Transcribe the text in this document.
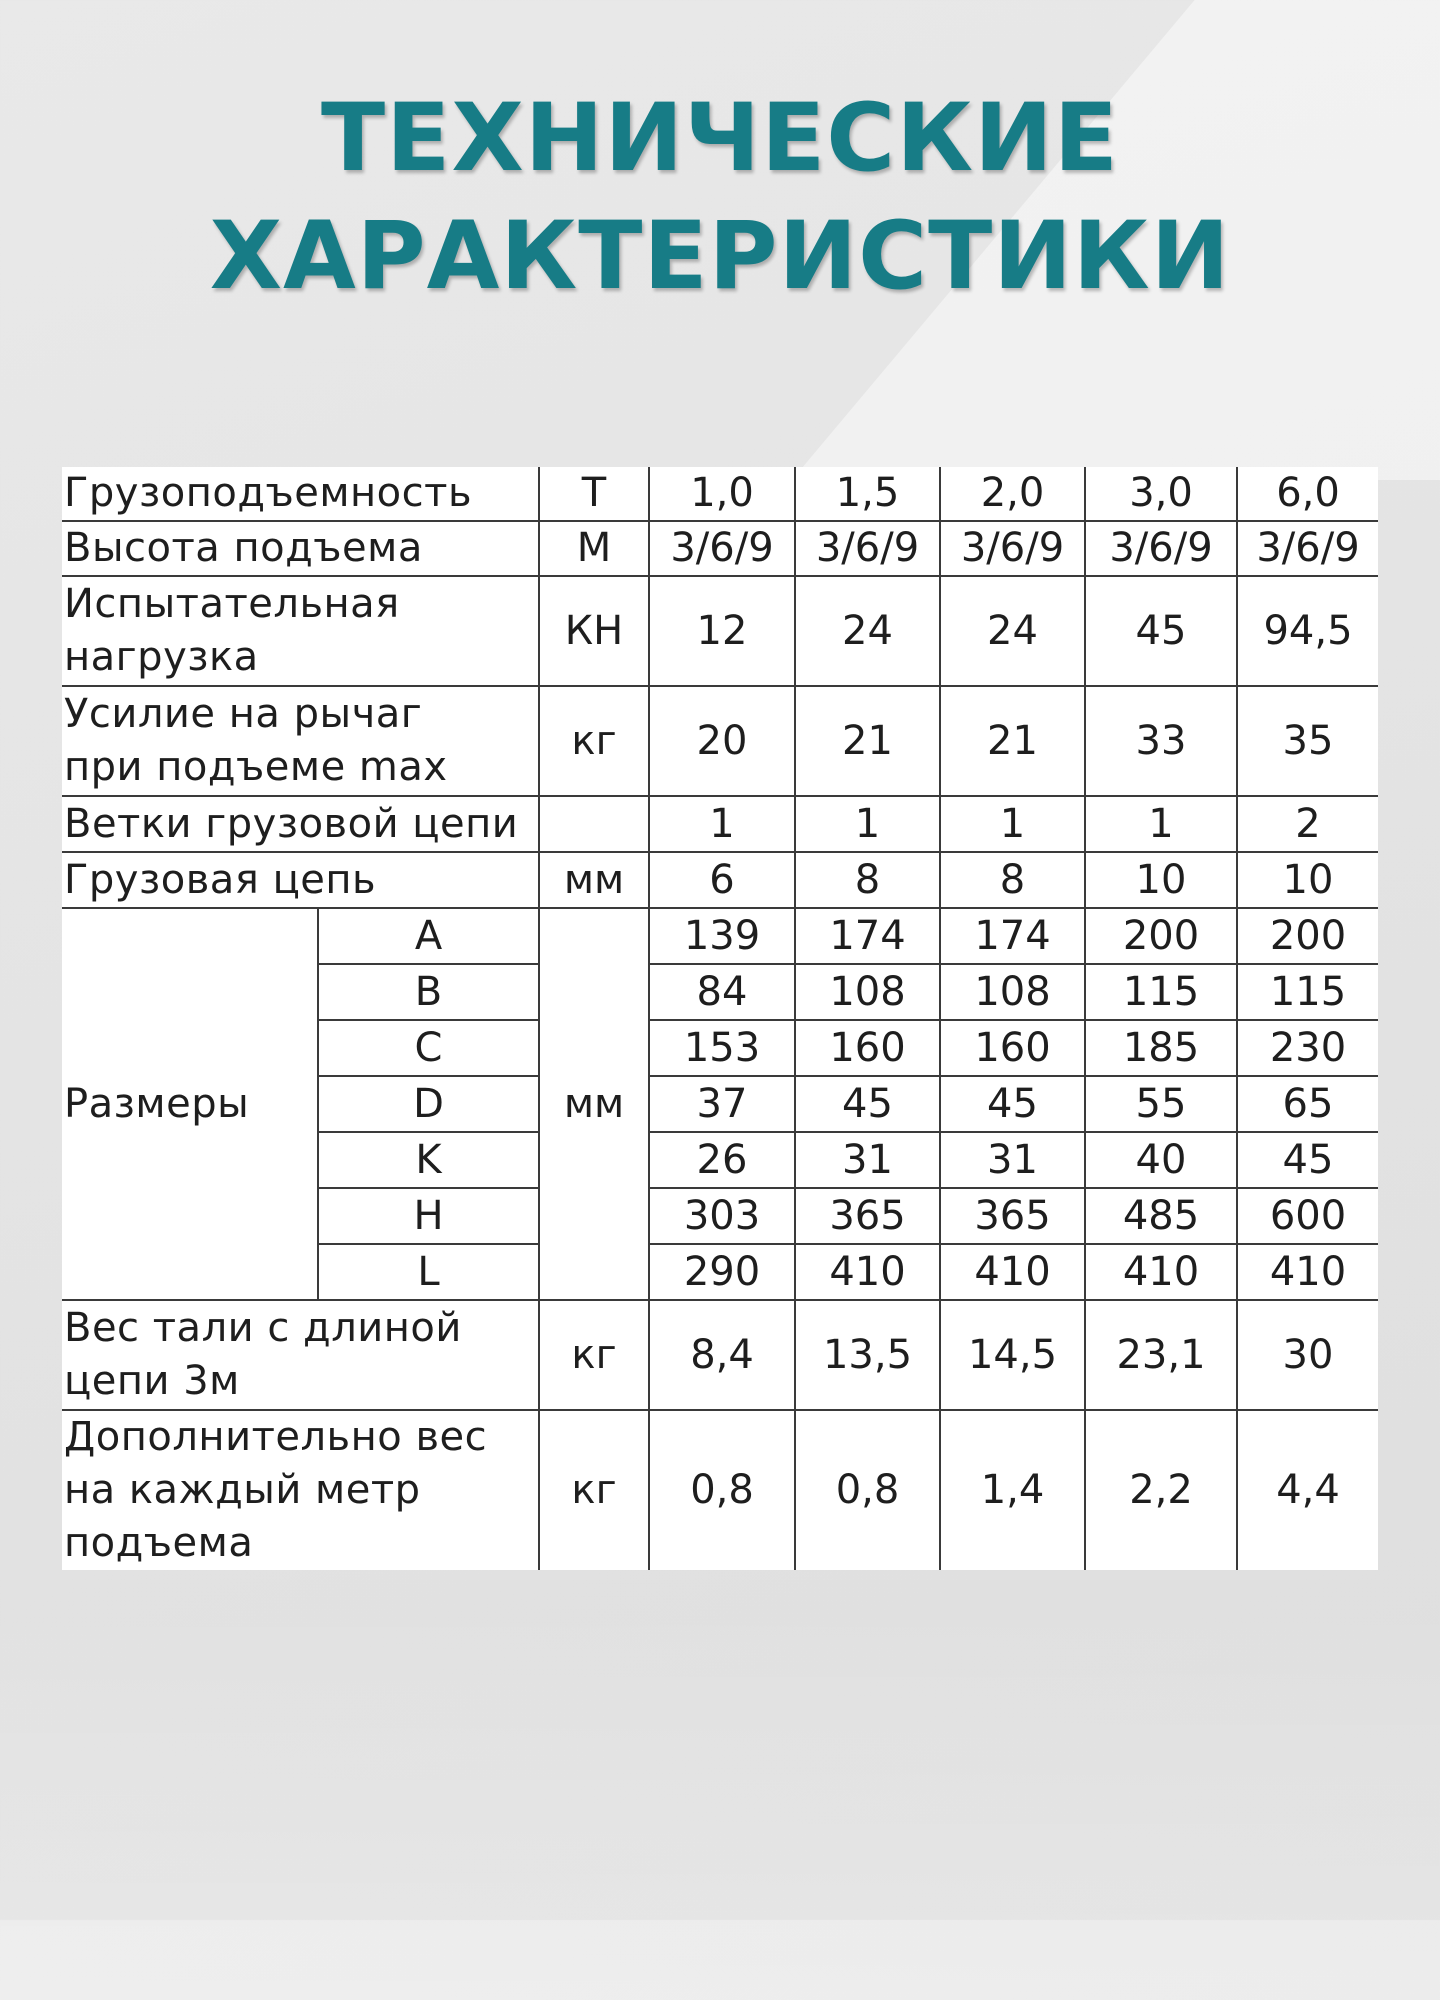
ТЕХНИЧЕСКИЕ
ХАРАКТЕРИСТИКИ
Грузоподъемность		Т	1,0	1,5	2,0	3,0	6,0
Высота подъема		М	3/6/9	3/6/9	3/6/9	3/6/9	3/6/9
Испытательная
нагрузка		КН	12	24	24	45	94,5
Усилие на рычаг
при подъеме max		кг	20	21	21	33	35
Ветки грузовой цепи			1	1	1	1	2
Грузовая цепь		мм	6	8	8	10	10
Размеры	A	мм	139	174	174	200	200
	B		84	108	108	115	115
	C		153	160	160	185	230
	D		37	45	45	55	65
	K		26	31	31	40	45
	H		303	365	365	485	600
	L		290	410	410	410	410
Вес тали с длиной
цепи 3м		кг	8,4	13,5	14,5	23,1	30
Дополнительно вес
на каждый метр
подъема		кг	0,8	0,8	1,4	2,2	4,4
